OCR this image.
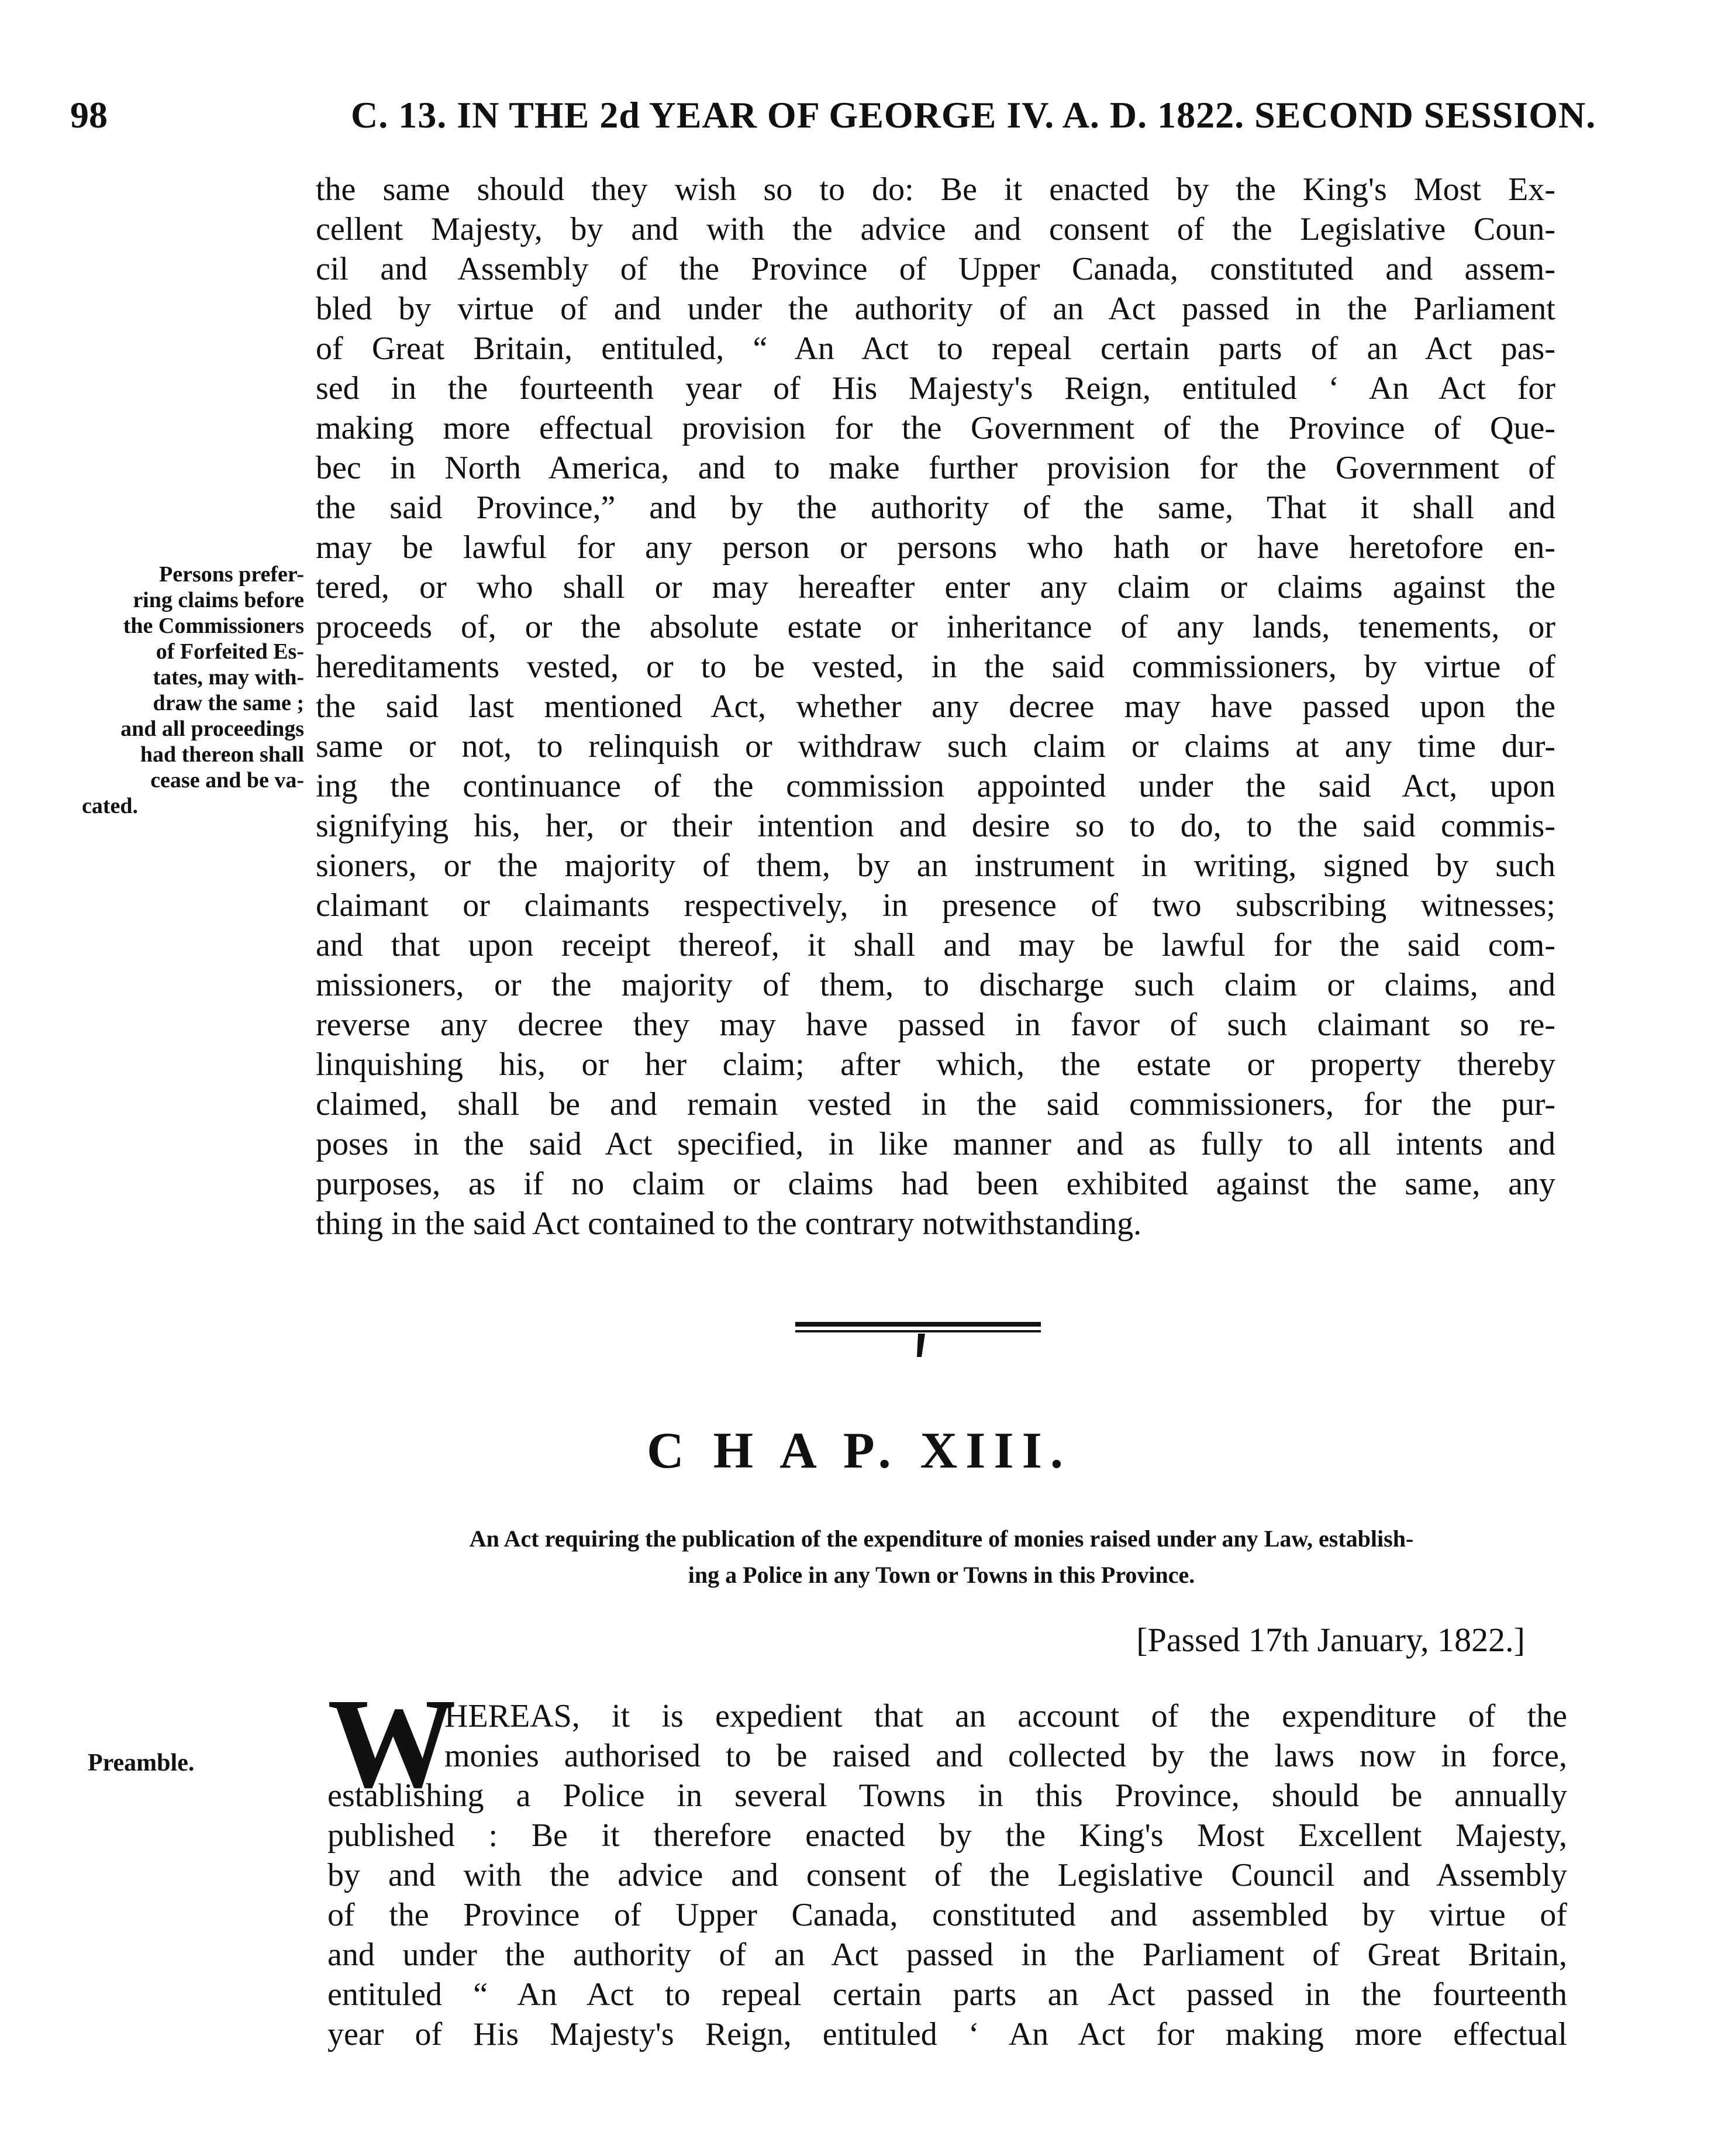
98	C. 13. IN THE 2d YEAR OF GEORGE IV. A. D. 1822. SECOND SESSION.
the same should they wish so to do: Be it enacted by the King's Most Ex-
cellent Majesty, by and with the advice and consent of the Legislative Coun-
cil and Assembly of the Province of Upper Canada, constituted and assem-
bled by virtue of and under the authority of an Act passed in the Parliament
of Great Britain, entituled, “ An Act to repeal certain parts of an Act pas-
sed in the fourteenth year of His Majesty's Reign, entituled ‘ An Act for
making more effectual provision for the Government of the Province of Que-
bec in North America, and to make further provision for the Government of
the said Province,” and by the authority of the same, That it shall and
may be lawful for any person or persons who hath or have heretofore en-
tered, or who shall or may hereafter enter any claim or claims against the
proceeds of, or the absolute estate or inheritance of any lands, tenements, or
hereditaments vested, or to be vested, in the said commissioners, by virtue of
the said last mentioned Act, whether any decree may have passed upon the
same or not, to relinquish or withdraw such claim or claims at any time dur-
ing the continuance of the commission appointed under the said Act, upon
signifying his, her, or their intention and desire so to do, to the said commis-
sioners, or the majority of them, by an instrument in writing, signed by such
claimant or claimants respectively, in presence of two subscribing witnesses;
and that upon receipt thereof, it shall and may be lawful for the said com-
missioners, or the majority of them, to discharge such claim or claims, and
reverse any decree they may have passed in favor of such claimant so re-
linquishing his, or her claim; after which, the estate or property thereby
claimed, shall be and remain vested in the said commissioners, for the pur-
poses in the said Act specified, in like manner and as fully to all intents and
purposes, as if no claim or claims had been exhibited against the same, any
thing in the said Act contained to the contrary notwithstanding.
Persons prefer-
ring claims before
the Commissioners
of Forfeited Es-
tates, may with-
draw the same ;
and all proceedings
had thereon shall
cease and be va-
cated.
C H A P. XIII.
An Act requiring the publication of the expenditure of monies raised under any Law, establish-
ing a Police in any Town or Towns in this Province.
[Passed 17th January, 1822.]
Preamble. W
HEREAS, it is expedient that an account of the expenditure of the
monies authorised to be raised and collected by the laws now in force,
establishing a Police in several Towns in this Province, should be annually
published : Be it therefore enacted by the King's Most Excellent Majesty,
by and with the advice and consent of the Legislative Council and Assembly
of the Province of Upper Canada, constituted and assembled by virtue of
and under the authority of an Act passed in the Parliament of Great Britain,
entituled “ An Act to repeal certain parts an Act passed in the fourteenth
year of His Majesty's Reign, entituled ‘ An Act for making more effectual
